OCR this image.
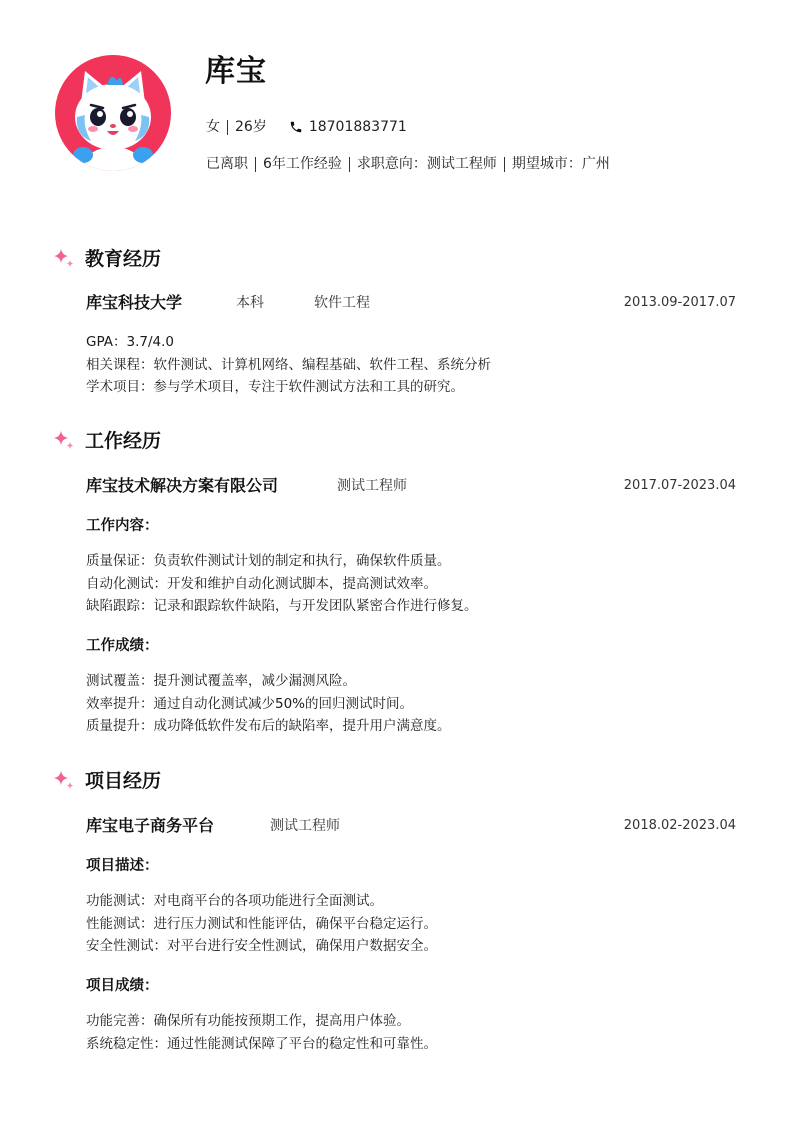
库宝
女 26岁	18701883771
已离职 6年工作经验 求职意向：测试工程师 期望城市：广州
教育经历
库宝科技大学	本科	软件工程	2013.09-2017.07
GPA：3.7/4.0
相关课程：软件测试、计算机网络、编程基础、软件工程、系统分析
学术项目：参与学术项目，专注于软件测试方法和工具的研究。
工作经历
库宝技术解决方案有限公司	测试工程师	2017.07-2023.04
工作内容：
质量保证：负责软件测试计划的制定和执行，确保软件质量。
自动化测试：开发和维护自动化测试脚本，提高测试效率。
缺陷跟踪：记录和跟踪软件缺陷，与开发团队紧密合作进行修复。
工作成绩：
测试覆盖：提升测试覆盖率，减少漏测风险。
效率提升：通过自动化测试减少50%的回归测试时间。
质量提升：成功降低软件发布后的缺陷率，提升用户满意度。
项目经历
库宝电子商务平台	测试工程师	2018.02-2023.04
项目描述：
功能测试：对电商平台的各项功能进行全面测试。
性能测试：进行压力测试和性能评估，确保平台稳定运行。
安全性测试：对平台进行安全性测试，确保用户数据安全。
项目成绩：
功能完善：确保所有功能按预期工作，提高用户体验。
系统稳定性：通过性能测试保障了平台的稳定性和可靠性。
